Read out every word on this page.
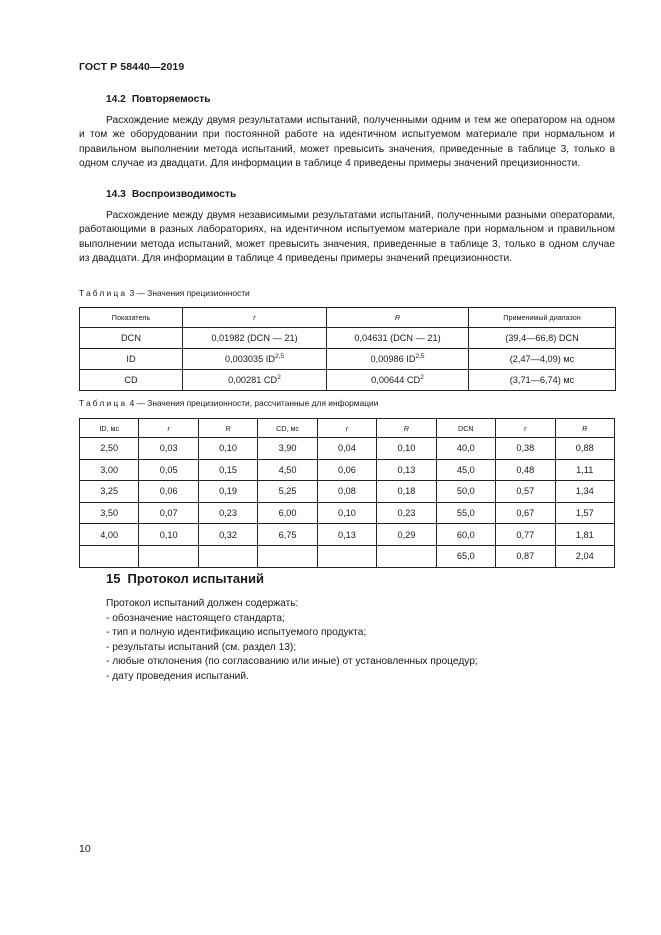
ГОСТ Р 58440—2019

14.2 Повторяемость

Расхождение между двумя результатами испытаний, полученными одним и тем же оператором на одном и том же оборудовании при постоянной работе на идентичном испытуемом материале при нормальном и правильном выполнении метода испытаний, может превысить значения, приведенные в таблице 3, только в одном случае из двадцати. Для информации в таблице 4 приведены примеры значений прецизионности.

14.3 Воспроизводимость

Расхождение между двумя независимыми результатами испытаний, полученными разными операторами, работающими в разных лабораториях, на идентичном испытуемом материале при нормальном и правильном выполнении метода испытаний, может превысить значения, приведенные в таблице 3, только в одном случае из двадцати. Для информации в таблице 4 приведены примеры значений прецизионности.

Таблица 3 — Значения прецизионности
Показатель	r	R	Применимый диапазон
DCN	0,01982 (DCN — 21)	0,04631 (DCN — 21)	(39,4—66,8) DCN
ID	0,003035 ID$^{2,5}$	0,00986 ID$^{2,5}$	(2,47—4,09) мс
CD	0,00281 $CD^2$	0,00644 $CD^2$	(3,71—6,74) мс
Таблица 4 — Значения прецизионности, рассчитанные для информации
ID, мс	r	R	CD, мс	r	R	DCN	r	R
2,50	0,03	0,10	3,90	0,04	0,10	40,0	0,38	0,88
3,00	0,05	0,15	4,50	0,06	0,13	45,0	0,48	1,11
3,25	0,06	0,19	5,25	0,08	0,18	50,0	0,57	1,34
3,50	0,07	0,23	6,00	0,10	0,23	55,0	0,67	1,57
4,00	0,10	0,32	6,75	0,13	0,29	60,0	0,77	1,81
						65,0	0,87	2,04
15 Протокол испытаний

Протокол испытаний должен содержать:

- обозначение настоящего стандарта;

- тип и полную идентификацию испытуемого продукта;

- результаты испытаний (см. раздел 13);

- любые отклонения (по согласованию или иные) от установленных процедур;

- дату проведения испытаний.

10
